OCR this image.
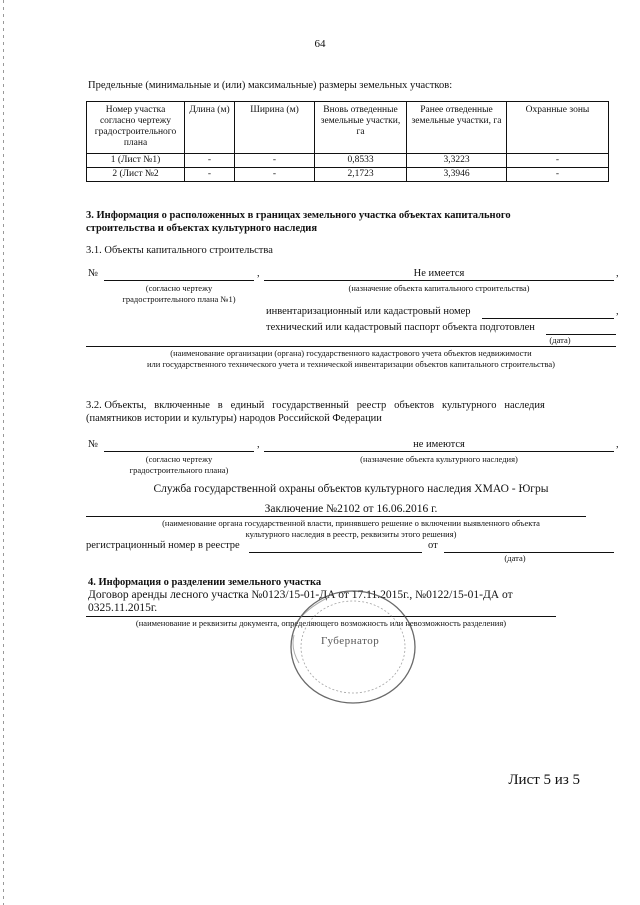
64
Предельные (минимальные и (или) максимальные) размеры земельных участков:
Номер участка согласно чертежу градостроительного плана	Длина (м)	Ширина (м)	Вновь отведенные земельные участки, га	Ранее отведенные земельные участки, га	Охранные зоны
1 (Лист №1)	-	-	0,8533	3,3223	-
2 (Лист №2	-	-	2,1723	3,3946	-
3. Информация о расположенных в границах земельного участка объектах капитального
строительства и объектах культурного наследия
3.1. Объекты капитального строительства
№	,	Не имеется	,
(согласно чертежу
градостроительного плана №1)
(назначение объекта капитального строительства)
инвентаризационный или кадастровый номер	,
технический или кадастровый паспорт объекта подготовлен
(дата)
(наименование организации (органа) государственного кадастрового учета объектов недвижимости
или государственного технического учета и технической инвентаризации объектов капитального строительства)
3.2. Объекты,   включенные   в   единый   государственный   реестр   объектов   культурного   наследия
(памятников истории и культуры) народов Российской Федерации
№	,	не имеются	,
(согласно чертежу
градостроительного плана)
(назначение объекта культурного наследия)
Служба государственной охраны объектов культурного наследия ХМАО - Югры
Заключение №2102 от 16.06.2016 г.
(наименование органа государственной власти, принявшего решение о включении выявленного объекта
культурного наследия в реестр, реквизиты этого решения)
регистрационный номер в реестре	от
(дата)
4. Информация о разделении земельного участка
Договор аренды лесного участка №0123/15-01-ДА от 17.11.2015г., №0122/15-01-ДА от
0325.11.2015г.
(наименование и реквизиты документа, определяющего возможность или невозможность разделения)
Губернатор
Лист 5 из 5
